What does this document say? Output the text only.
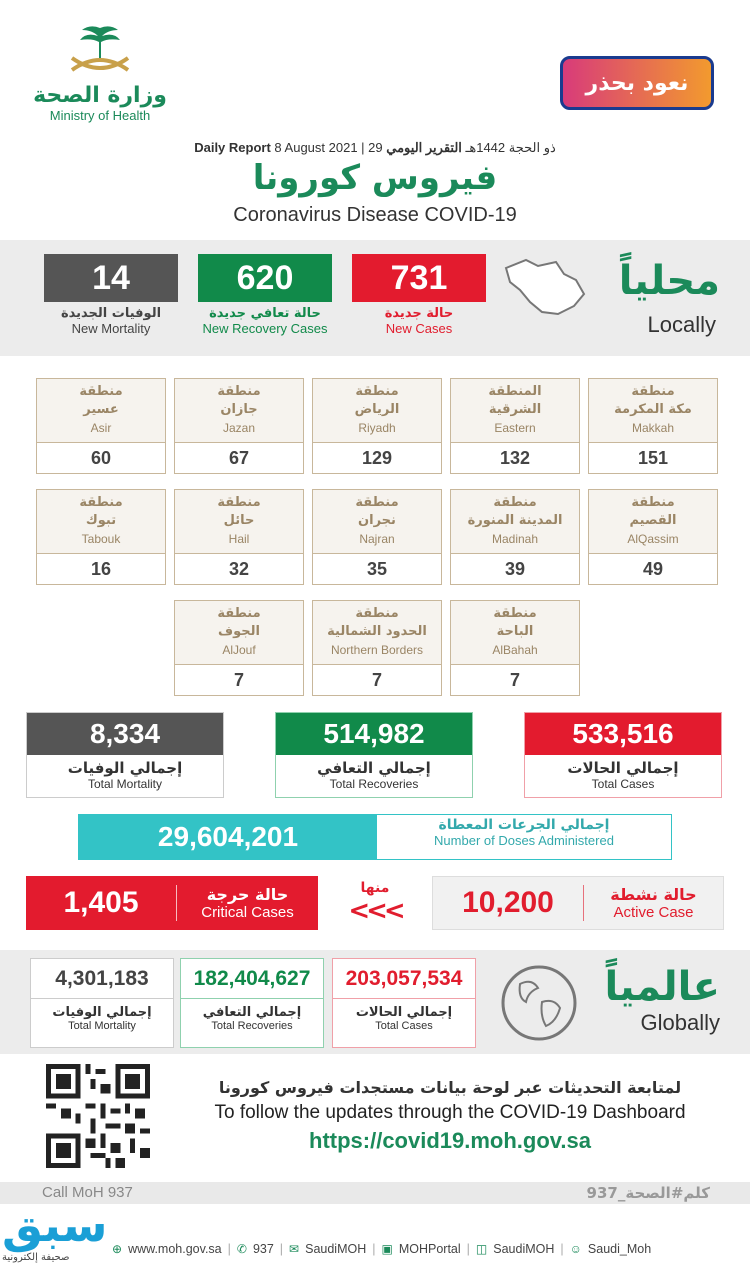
وزارة الصحة
Ministry of Health
نعود بحذر
Daily Report 8 August 2021 | 29 ذو الحجة 1442هـ التقرير اليومي
فيروس كورونا
Coronavirus Disease COVID-19
14
الوفيات الجديدة
New Mortality
620
حالة تعافي جديدة
New Recovery Cases
731
حالة جديدة
New Cases
محلياً
Locally
منطقة
مكة المكرمة
Makkah
151
المنطقة
الشرقية
Eastern
132
منطقة
الرياض
Riyadh
129
منطقة
جازان
Jazan
67
منطقة
عسير
Asir
60
منطقة
القصيم
AlQassim
49
منطقة
المدينة المنورة
Madinah
39
منطقة
نجران
Najran
35
منطقة
حائل
Hail
32
منطقة
تبوك
Tabouk
16
منطقة
الباحة
AlBahah
7
منطقة
الحدود الشمالية
Northern Borders
7
منطقة
الجوف
AlJouf
7
8,334
إجمالي الوفيات
Total Mortality
514,982
إجمالي التعافي
Total Recoveries
533,516
إجمالي الحالات
Total Cases
29,604,201	إجمالي الجرعات المعطاة
Number of Doses Administered
1,405	حالة حرجة
Critical Cases
منها
<<<	10,200	حالة نشطة
Active Case
4,301,183
إجمالي الوفيات
Total Mortality
182,404,627
إجمالي التعافي
Total Recoveries
203,057,534
إجمالي الحالات
Total Cases
عالمياً
Globally
لمتابعة التحديثات عبر لوحة بيانات مستجدات فيروس كورونا
To follow the updates through the COVID-19 Dashboard
https://covid19.moh.gov.sa
Call MoH 937	كلم#الصحة_937
⊕ www.moh.gov.sa | ✆ 937 | ✉ SaudiMOH | ▣ MOHPortal | ◫ SaudiMOH | ☺ Saudi_Moh
سبق
صحيفة إلكترونية
